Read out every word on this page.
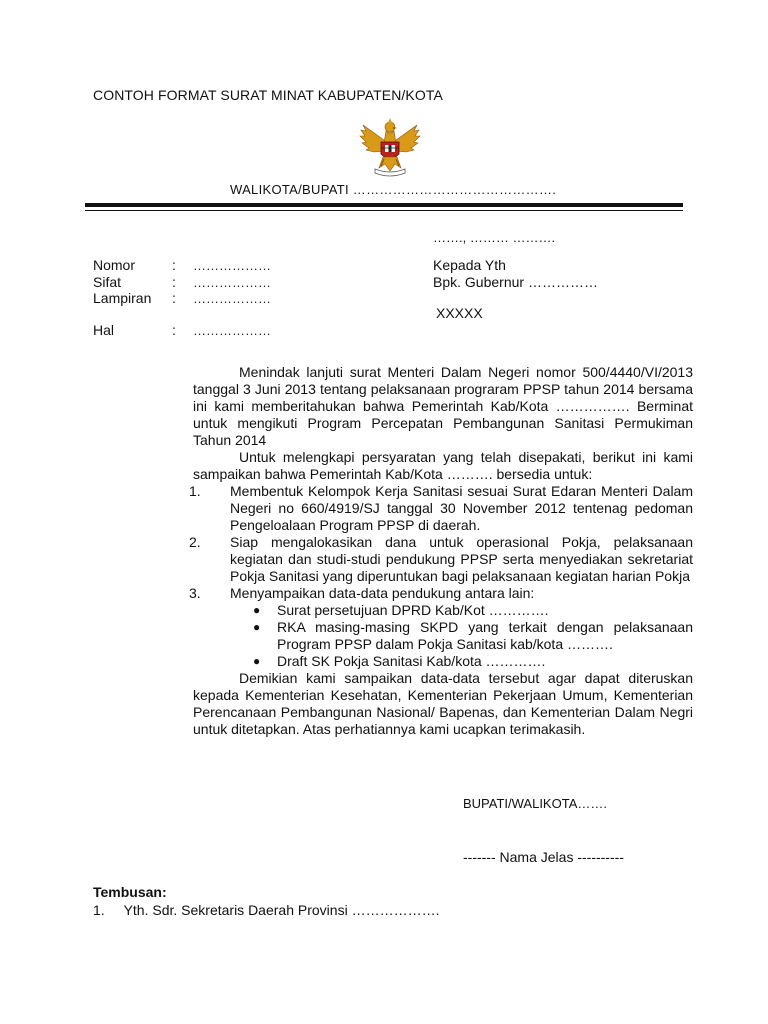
CONTOH FORMAT SURAT MINAT KABUPATEN/KOTA
WALIKOTA/BUPATI ……………………………………….
……., ……… ……….
Nomor	: ………………
Sifat	: ………………
Lampiran : ………………
Hal	: ………………
Kepada Yth
Bpk. Gubernur ……………
XXXXX

Menindak lanjuti surat Menteri Dalam Negeri nomor 500/4440/VI/2013 tanggal 3 Juni 2013 tentang pelaksanaan prograram PPSP tahun 2014 bersama ini kami memberitahukan bahwa Pemerintah Kab/Kota ……………. Berminat untuk mengikuti Program Percepatan Pembangunan Sanitasi Permukiman Tahun 2014

Untuk melengkapi persyaratan yang telah disepakati, berikut ini kami sampaikan bahwa Pemerintah Kab/Kota ………. bersedia untuk:

1. Membentuk Kelompok Kerja Sanitasi sesuai Surat Edaran Menteri Dalam Negeri no 660/4919/SJ tanggal 30 November 2012 tentenag pedoman Pengeloalaan Program PPSP di daerah.
2. Siap mengalokasikan dana untuk operasional Pokja, pelaksanaan kegiatan dan studi-studi pendukung PPSP serta menyediakan sekretariat Pokja Sanitasi yang diperuntukan bagi pelaksanaan kegiatan harian Pokja
3. Menyampaikan data-data pendukung antara lain:
● Surat persetujuan DPRD Kab/Kot ………….
● RKA masing-masing SKPD yang terkait dengan pelaksanaan Program PPSP dalam Pokja Sanitasi kab/kota ……….
● Draft SK Pokja Sanitasi Kab/kota ………….

Demikian kami sampaikan data-data tersebut agar dapat diteruskan kepada Kementerian Kesehatan, Kementerian Pekerjaan Umum, Kementerian Perencanaan Pembangunan Nasional/ Bapenas, dan Kementerian Dalam Negri untuk ditetapkan. Atas perhatiannya kami ucapkan terimakasih.

BUPATI/WALIKOTA…….
------- Nama Jelas ----------
Tembusan:
1. Yth. Sdr. Sekretaris Daerah Provinsi ……………….
